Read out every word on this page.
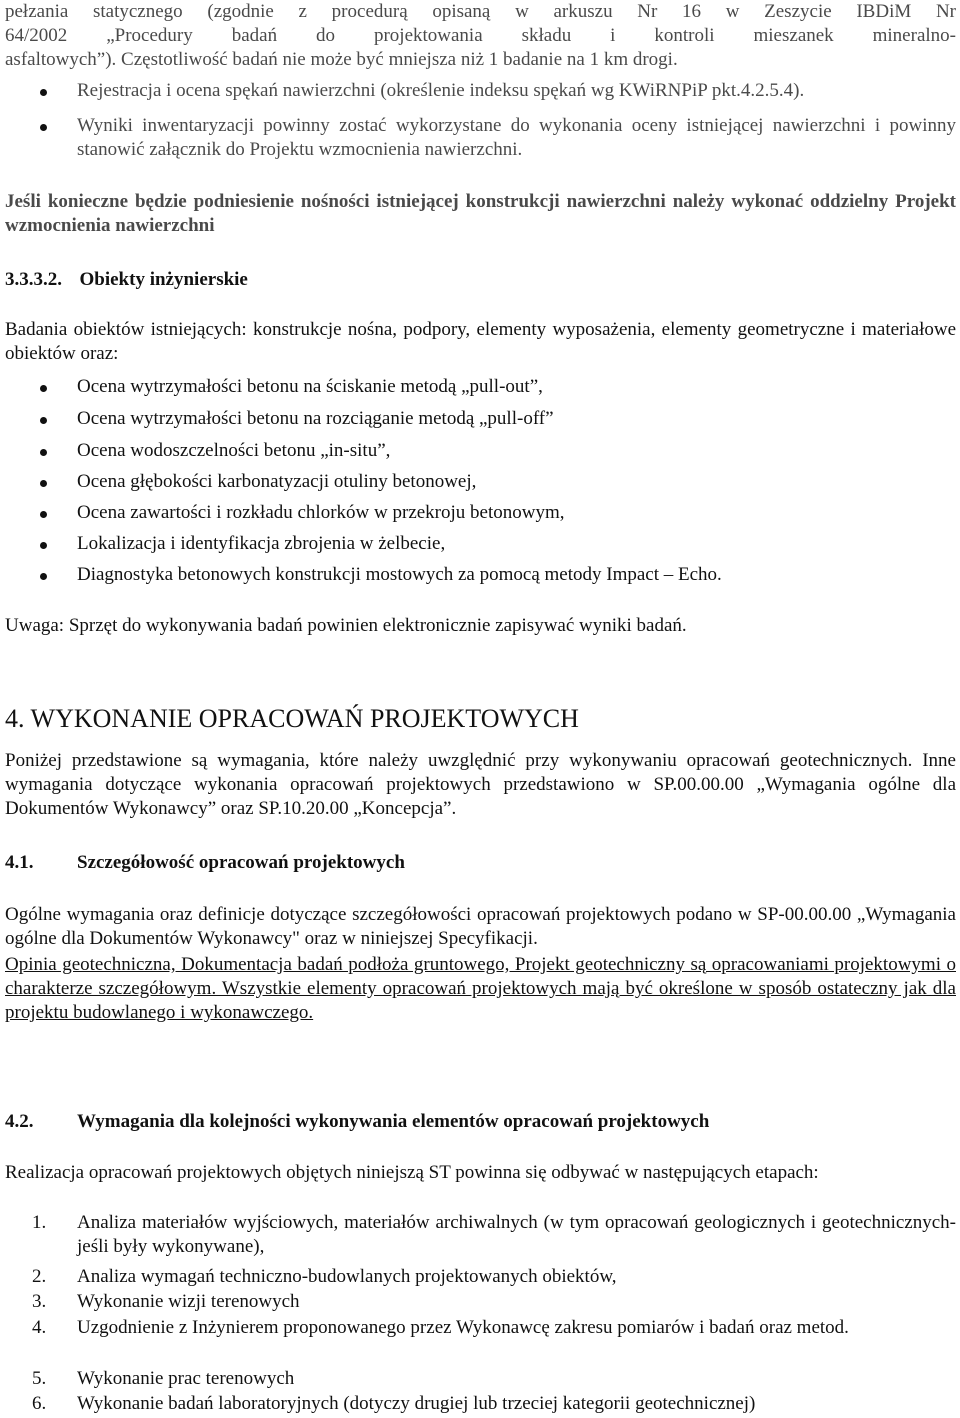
pełzania statycznego (zgodnie z procedurą opisaną w arkuszu Nr 16 w Zeszycie IBDiM Nr
64/2002 „Procedury badań do projektowania składu i kontroli mieszanek mineralno-
asfaltowych”). Częstotliwość badań nie może być mniejsza niż 1 badanie na 1 km drogi.
Rejestracja i ocena spękań nawierzchni (określenie indeksu spękań wg KWiRNPiP pkt.4.2.5.4).
Wyniki inwentaryzacji powinny zostać wykorzystane do wykonania oceny istniejącej nawierzchni i powinny stanowić załącznik do Projektu wzmocnienia nawierzchni.
Jeśli konieczne będzie podniesienie nośności istniejącej konstrukcji nawierzchni należy wykonać oddzielny Projekt wzmocnienia nawierzchni
3.3.3.2. Obiekty inżynierskie
Badania obiektów istniejących: konstrukcje nośna, podpory, elementy wyposażenia, elementy geometryczne i materiałowe obiektów oraz:
Ocena wytrzymałości betonu na ściskanie metodą „pull-out”,
Ocena wytrzymałości betonu na rozciąganie metodą „pull-off”
Ocena wodoszczelności betonu „in-situ”,
Ocena głębokości karbonatyzacji otuliny betonowej,
Ocena zawartości i rozkładu chlorków w przekroju betonowym,
Lokalizacja i identyfikacja zbrojenia w żelbecie,
Diagnostyka betonowych konstrukcji mostowych za pomocą metody Impact – Echo.
Uwaga: Sprzęt do wykonywania badań powinien elektronicznie zapisywać wyniki badań.
4. WYKONANIE OPRACOWAŃ PROJEKTOWYCH
Poniżej przedstawione są wymagania, które należy uwzględnić przy wykonywaniu opracowań geotechnicznych. Inne wymagania dotyczące wykonania opracowań projektowych przedstawiono w SP.00.00.00 „Wymagania ogólne dla Dokumentów Wykonawcy” oraz SP.10.20.00 „Koncepcja”.
4.1.	Szczegółowość opracowań projektowych
Ogólne wymagania oraz definicje dotyczące szczegółowości opracowań projektowych podano w SP-00.00.00 „Wymagania ogólne dla Dokumentów Wykonawcy" oraz w niniejszej Specyfikacji.
Opinia geotechniczna, Dokumentacja badań podłoża gruntowego, Projekt geotechniczny są opracowaniami projektowymi o charakterze szczegółowym. Wszystkie elementy opracowań projektowych mają być określone w sposób ostateczny jak dla projektu budowlanego i wykonawczego.
4.2.	Wymagania dla kolejności wykonywania elementów opracowań projektowych
Realizacja opracowań projektowych objętych niniejszą ST powinna się odbywać w następujących etapach:
1.	Analiza materiałów wyjściowych, materiałów archiwalnych (w tym opracowań geologicznych i geotechnicznych- jeśli były wykonywane),
2.	Analiza wymagań techniczno-budowlanych projektowanych obiektów,
3.	Wykonanie wizji terenowych
4.	Uzgodnienie z Inżynierem proponowanego przez Wykonawcę zakresu pomiarów i badań oraz metod.
5.	Wykonanie prac terenowych
6.	Wykonanie badań laboratoryjnych (dotyczy drugiej lub trzeciej kategorii geotechnicznej)
